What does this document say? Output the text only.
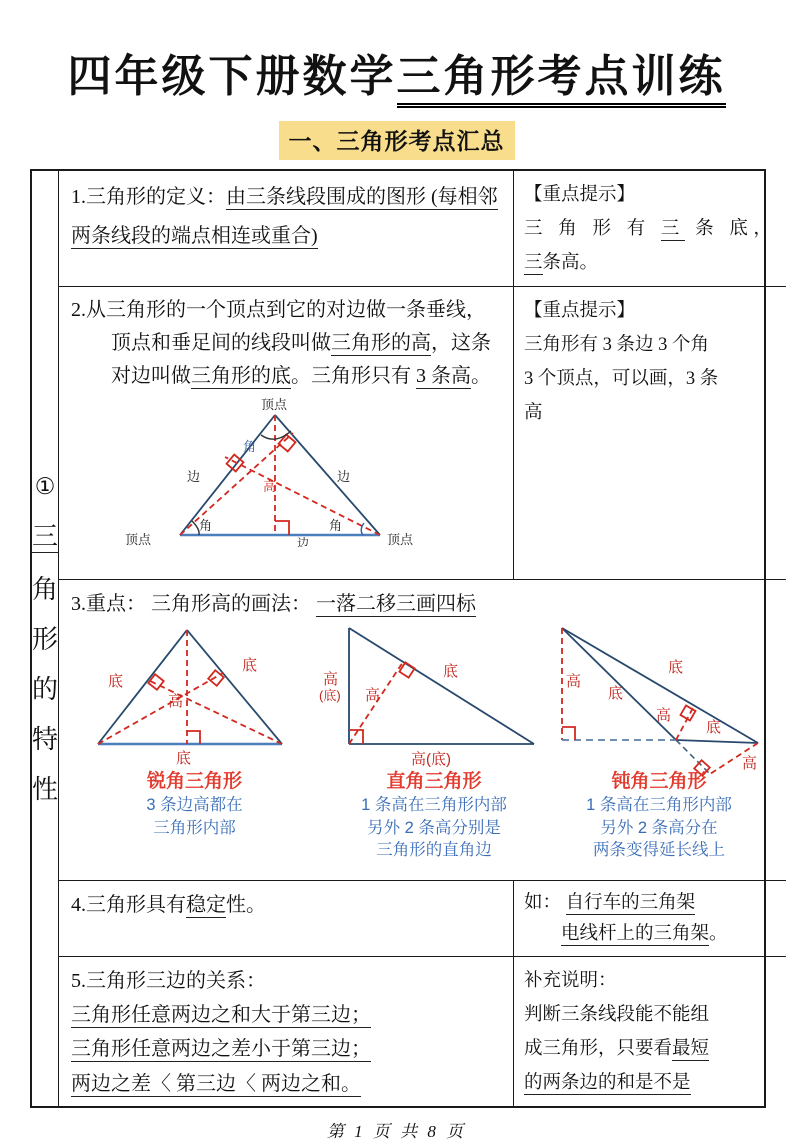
四年级下册数学三角形考点训练
一、三角形考点汇总
①
三
角
形
的
特
性
1.三角形的定义：由三条线段围成的图形 (每相邻两条线段的端点相连或重合)
【重点提示】
三 角 形 有 三 条 底，
三条高。
2.从三角形的一个顶点到它的对边做一条垂线，顶点和垂足间的线段叫做三角形的高，这条对边叫做三角形的底。三角形只有 3 条高。
顶点
顶点	顶点
边	边
边
角
角	角
高
【重点提示】
三角形有 3 条边 3 个角
3 个顶点，可以画，3 条
高
3.重点： 三角形高的画法： 一落二移三画四标
底
底
高
底
锐角三角形
3 条边高都在
三角形内部
高
(底) 高
底
高(底)
直角三角形
1 条高在三角形内部
另外 2 条高分别是
三角形的直角边
高
底
底
高
底
高
钝角三角形
1 条高在三角形内部
另外 2 条高分在
两条变得延长线上
4.三角形具有稳定性。	如： 自行车的三角架
电线杆上的三角架。
5.三角形三边的关系：
三角形任意两边之和大于第三边；
三角形任意两边之差小于第三边；
两边之差〈 第三边〈 两边之和。
补充说明：
判断三条线段能不能组
成三角形，只要看最短
的两条边的和是不是
第 1 页 共 8 页
